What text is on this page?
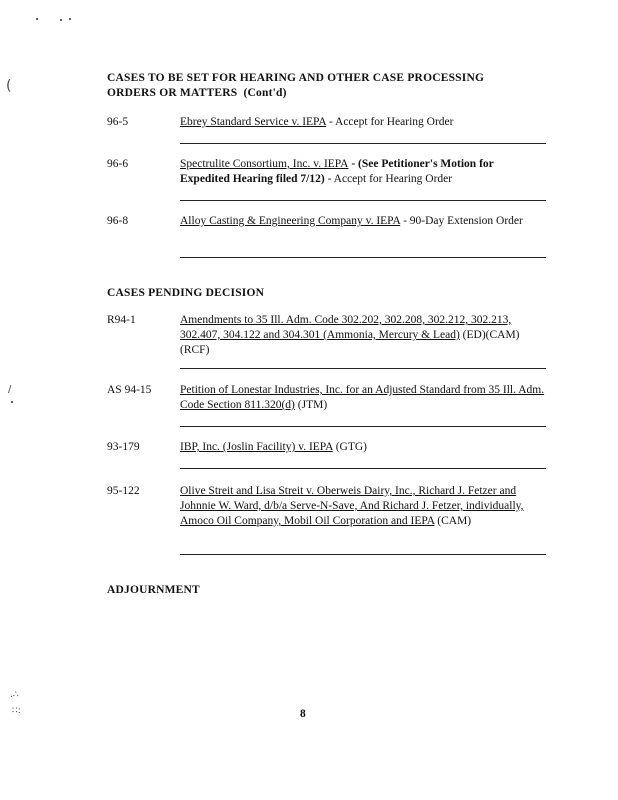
(
/
.∴
∷:
CASES TO BE SET FOR HEARING AND OTHER CASE PROCESSING
ORDERS OR MATTERS (Cont'd)
96-5	Ebrey Standard Service v. IEPA - Accept for Hearing Order
96-6	Spectrulite Consortium, Inc. v. IEPA - (See Petitioner's Motion for Expedited Hearing filed 7/12) - Accept for Hearing Order
96-8	Alloy Casting & Engineering Company v. IEPA - 90-Day Extension Order
CASES PENDING DECISION
R94-1	Amendments to 35 Ill. Adm. Code 302.202, 302.208, 302.212, 302.213, 302.407, 304.122 and 304.301 (Ammonia, Mercury & Lead) (ED)(CAM)(RCF)
AS 94-15	Petition of Lonestar Industries, Inc. for an Adjusted Standard from 35 Ill. Adm. Code Section 811.320(d) (JTM)
93-179	IBP, Inc. (Joslin Facility) v. IEPA (GTG)
95-122	Olive Streit and Lisa Streit v. Oberweis Dairy, Inc., Richard J. Fetzer and Johnnie W. Ward, d/b/a Serve-N-Save, And Richard J. Fetzer, individually, Amoco Oil Company, Mobil Oil Corporation and IEPA (CAM)
ADJOURNMENT
8
